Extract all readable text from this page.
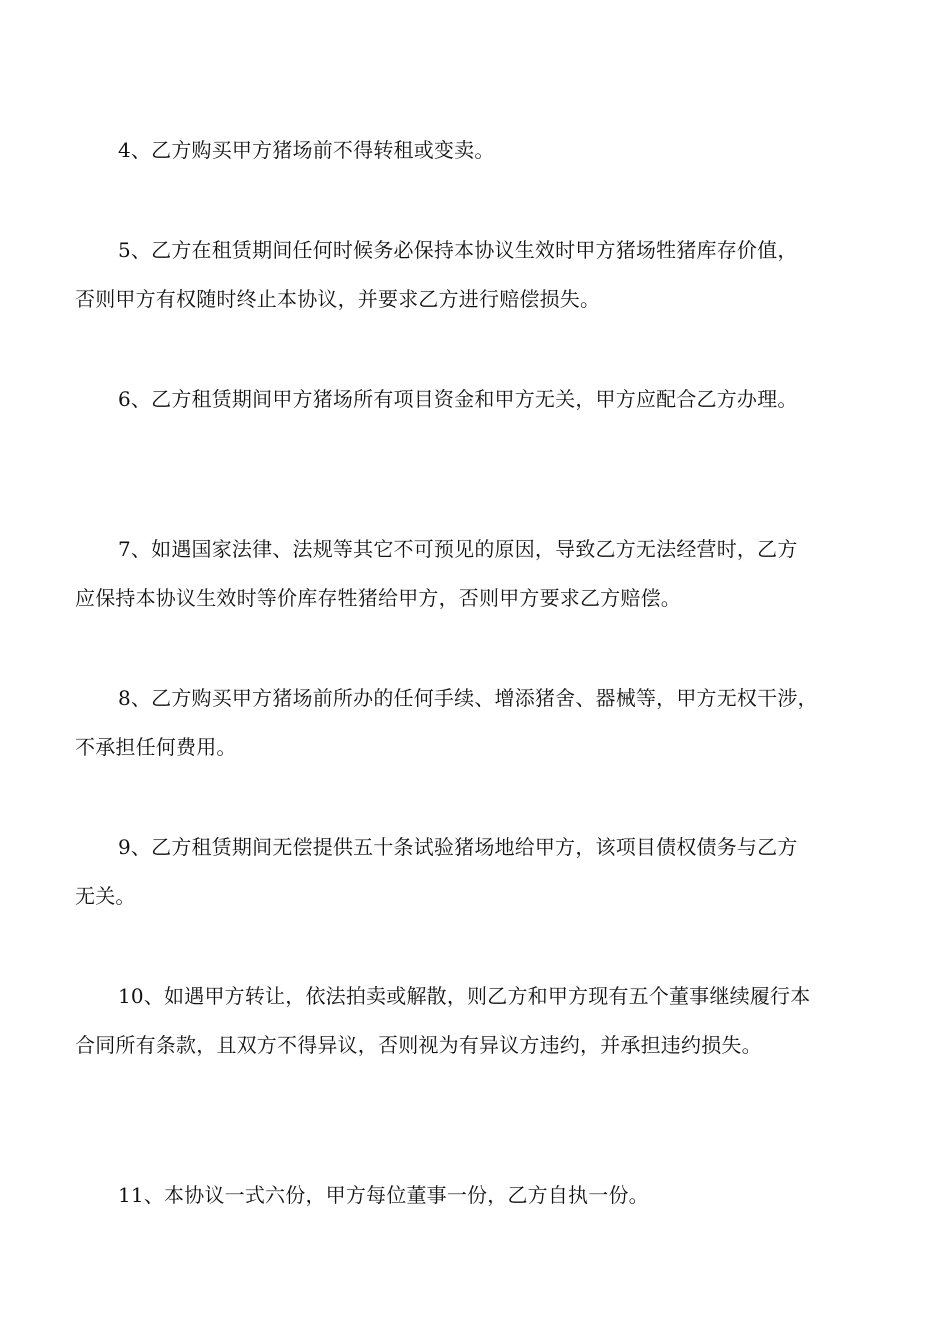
4、乙方购买甲方猪场前不得转租或变卖。
5、乙方在租赁期间任何时候务必保持本协议生效时甲方猪场牲猪库存价值，
否则甲方有权随时终止本协议，并要求乙方进行赔偿损失。
6、乙方租赁期间甲方猪场所有项目资金和甲方无关，甲方应配合乙方办理。
7、如遇国家法律、法规等其它不可预见的原因，导致乙方无法经营时，乙方
应保持本协议生效时等价库存牲猪给甲方，否则甲方要求乙方赔偿。
8、乙方购买甲方猪场前所办的任何手续、增添猪舍、器械等，甲方无权干涉，
不承担任何费用。
9、乙方租赁期间无偿提供五十条试验猪场地给甲方，该项目债权债务与乙方
无关。
10、如遇甲方转让，依法拍卖或解散，则乙方和甲方现有五个董事继续履行本
合同所有条款，且双方不得异议，否则视为有异议方违约，并承担违约损失。
11、本协议一式六份，甲方每位董事一份，乙方自执一份。
